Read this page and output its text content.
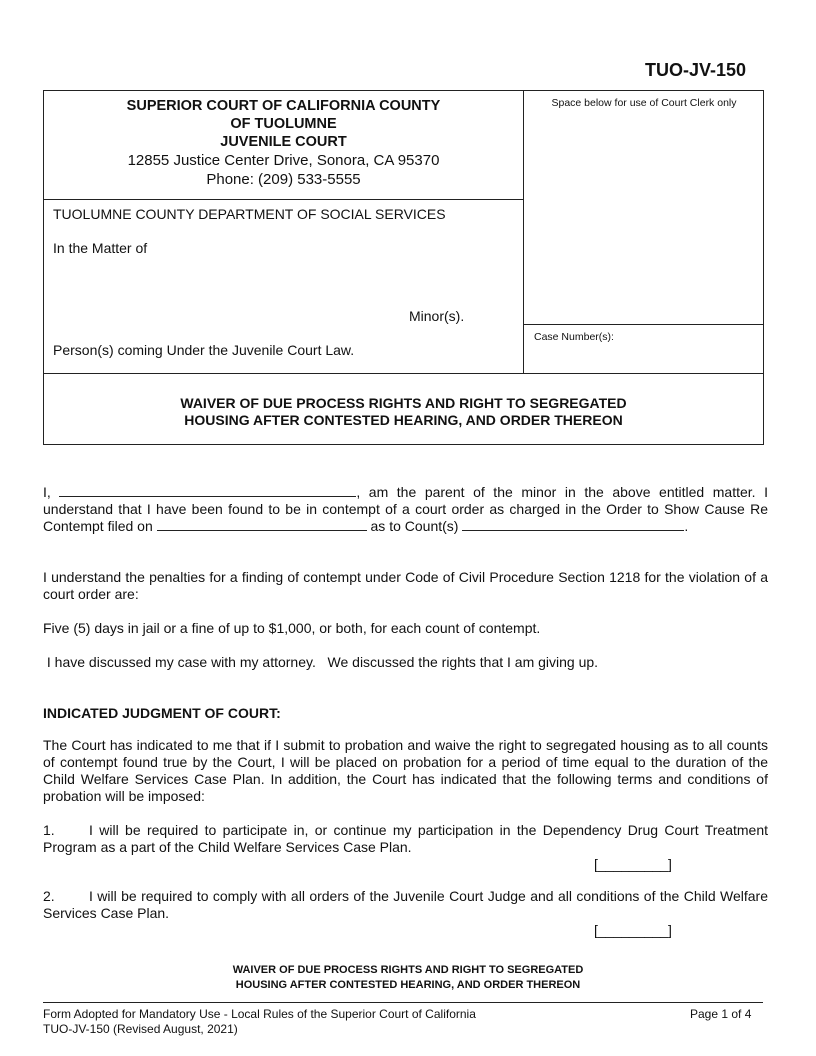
TUO-JV-150
SUPERIOR COURT OF CALIFORNIA COUNTY
OF TUOLUMNE
JUVENILE COURT
12855 Justice Center Drive, Sonora, CA 95370
Phone: (209) 533-5555
TUOLUMNE COUNTY DEPARTMENT OF SOCIAL SERVICES
In the Matter of
Minor(s).
Person(s) coming Under the Juvenile Court Law.
Space below for use of Court Clerk only
Case Number(s):
WAIVER OF DUE PROCESS RIGHTS AND RIGHT TO SEGREGATED
HOUSING AFTER CONTESTED HEARING, AND ORDER THEREON
I,	, am the parent of the minor in the above entitled matter. I understand that I have been found to be in contempt of a court order as charged in the Order to Show Cause Re Contempt filed on	as to Count(s)	.
I understand the penalties for a finding of contempt under Code of Civil Procedure Section 1218 for the violation of a court order are:
Five (5) days in jail or a fine of up to $1,000, or both, for each count of contempt.
I have discussed my case with my attorney.   We discussed the rights that I am giving up.
INDICATED JUDGMENT OF COURT:
The Court has indicated to me that if I submit to probation and waive the right to segregated housing as to all counts of contempt found true by the Court, I will be placed on probation for a period of time equal to the duration of the Child Welfare Services Case Plan. In addition, the Court has indicated that the following terms and conditions of probation will be imposed:
1. I will be required to participate in, or continue my participation in the Dependency Drug Court Treatment Program as a part of the Child Welfare Services Case Plan.
[_________]
2. I will be required to comply with all orders of the Juvenile Court Judge and all conditions of the Child Welfare Services Case Plan.
[_________]
WAIVER OF DUE PROCESS RIGHTS AND RIGHT TO SEGREGATED
HOUSING AFTER CONTESTED HEARING, AND ORDER THEREON
Form Adopted for Mandatory Use - Local Rules of the Superior Court of California
TUO-JV-150 (Revised August, 2021)
Page 1 of 4
